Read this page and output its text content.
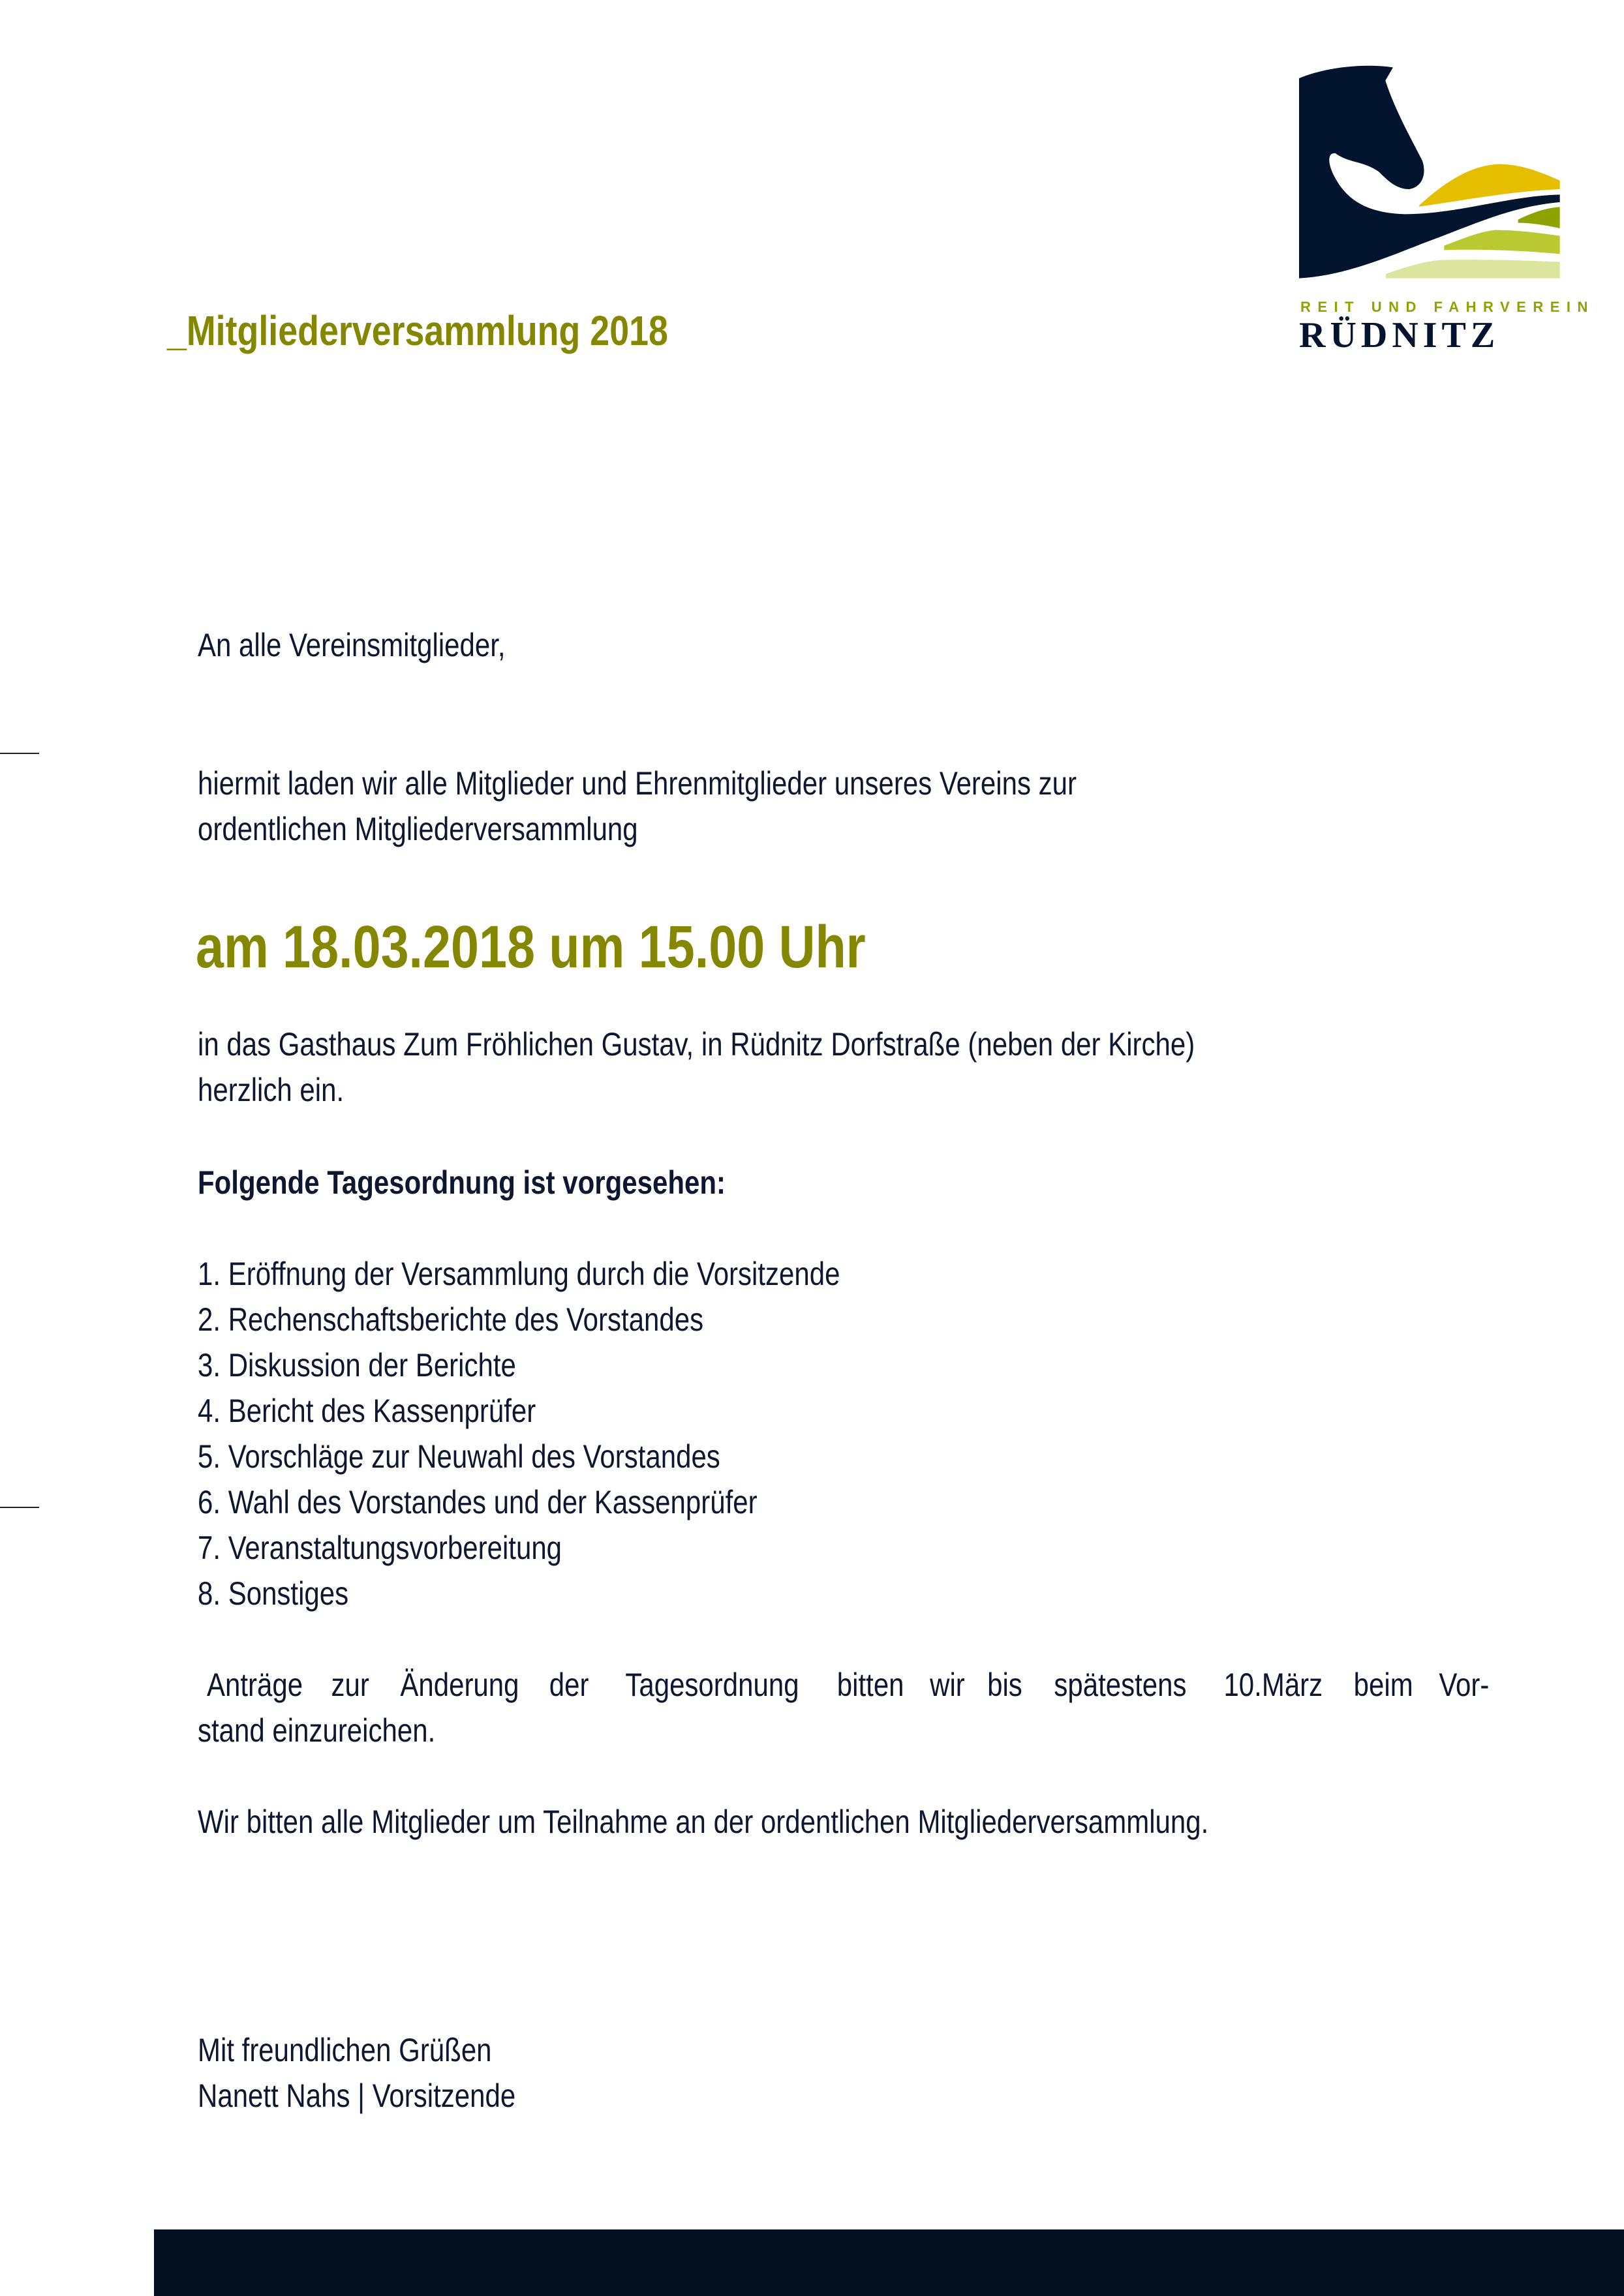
REIT UND FAHRVEREIN
RÜDNITZ
_Mitgliederversammlung 2018
An alle Vereinsmitglieder,
hiermit laden wir alle Mitglieder und Ehrenmitglieder unseres Vereins zur
ordentlichen Mitgliederversammlung
am 18.03.2018 um 15.00 Uhr
in das Gasthaus Zum Fröhlichen Gustav, in Rüdnitz Dorfstraße (neben der Kirche)
herzlich ein.
Folgende Tagesordnung ist vorgesehen:
1. Eröffnung der Versammlung durch die Vorsitzende
2. Rechenschaftsberichte des Vorstandes
3. Diskussion der Berichte
4. Bericht des Kassenprüfer
5. Vorschläge zur Neuwahl des Vorstandes
6. Wahl des Vorstandes und der Kassenprüfer
7. Veranstaltungsvorbereitung
8. Sonstiges
Anträge zur Änderung der Tagesordnung bitten wir bis spätestens 10.März beim Vor-
stand einzureichen.
Wir bitten alle Mitglieder um Teilnahme an der ordentlichen Mitgliederversammlung.
Mit freundlichen Grüßen
Nanett Nahs | Vorsitzende
